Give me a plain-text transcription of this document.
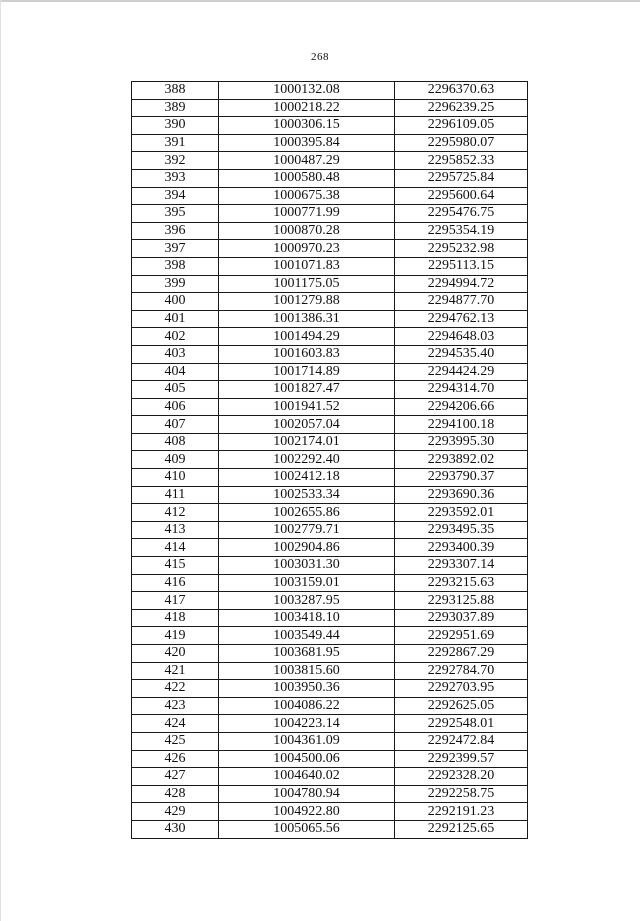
268
388	1000132.08	2296370.63
389	1000218.22	2296239.25
390	1000306.15	2296109.05
391	1000395.84	2295980.07
392	1000487.29	2295852.33
393	1000580.48	2295725.84
394	1000675.38	2295600.64
395	1000771.99	2295476.75
396	1000870.28	2295354.19
397	1000970.23	2295232.98
398	1001071.83	2295113.15
399	1001175.05	2294994.72
400	1001279.88	2294877.70
401	1001386.31	2294762.13
402	1001494.29	2294648.03
403	1001603.83	2294535.40
404	1001714.89	2294424.29
405	1001827.47	2294314.70
406	1001941.52	2294206.66
407	1002057.04	2294100.18
408	1002174.01	2293995.30
409	1002292.40	2293892.02
410	1002412.18	2293790.37
411	1002533.34	2293690.36
412	1002655.86	2293592.01
413	1002779.71	2293495.35
414	1002904.86	2293400.39
415	1003031.30	2293307.14
416	1003159.01	2293215.63
417	1003287.95	2293125.88
418	1003418.10	2293037.89
419	1003549.44	2292951.69
420	1003681.95	2292867.29
421	1003815.60	2292784.70
422	1003950.36	2292703.95
423	1004086.22	2292625.05
424	1004223.14	2292548.01
425	1004361.09	2292472.84
426	1004500.06	2292399.57
427	1004640.02	2292328.20
428	1004780.94	2292258.75
429	1004922.80	2292191.23
430	1005065.56	2292125.65
